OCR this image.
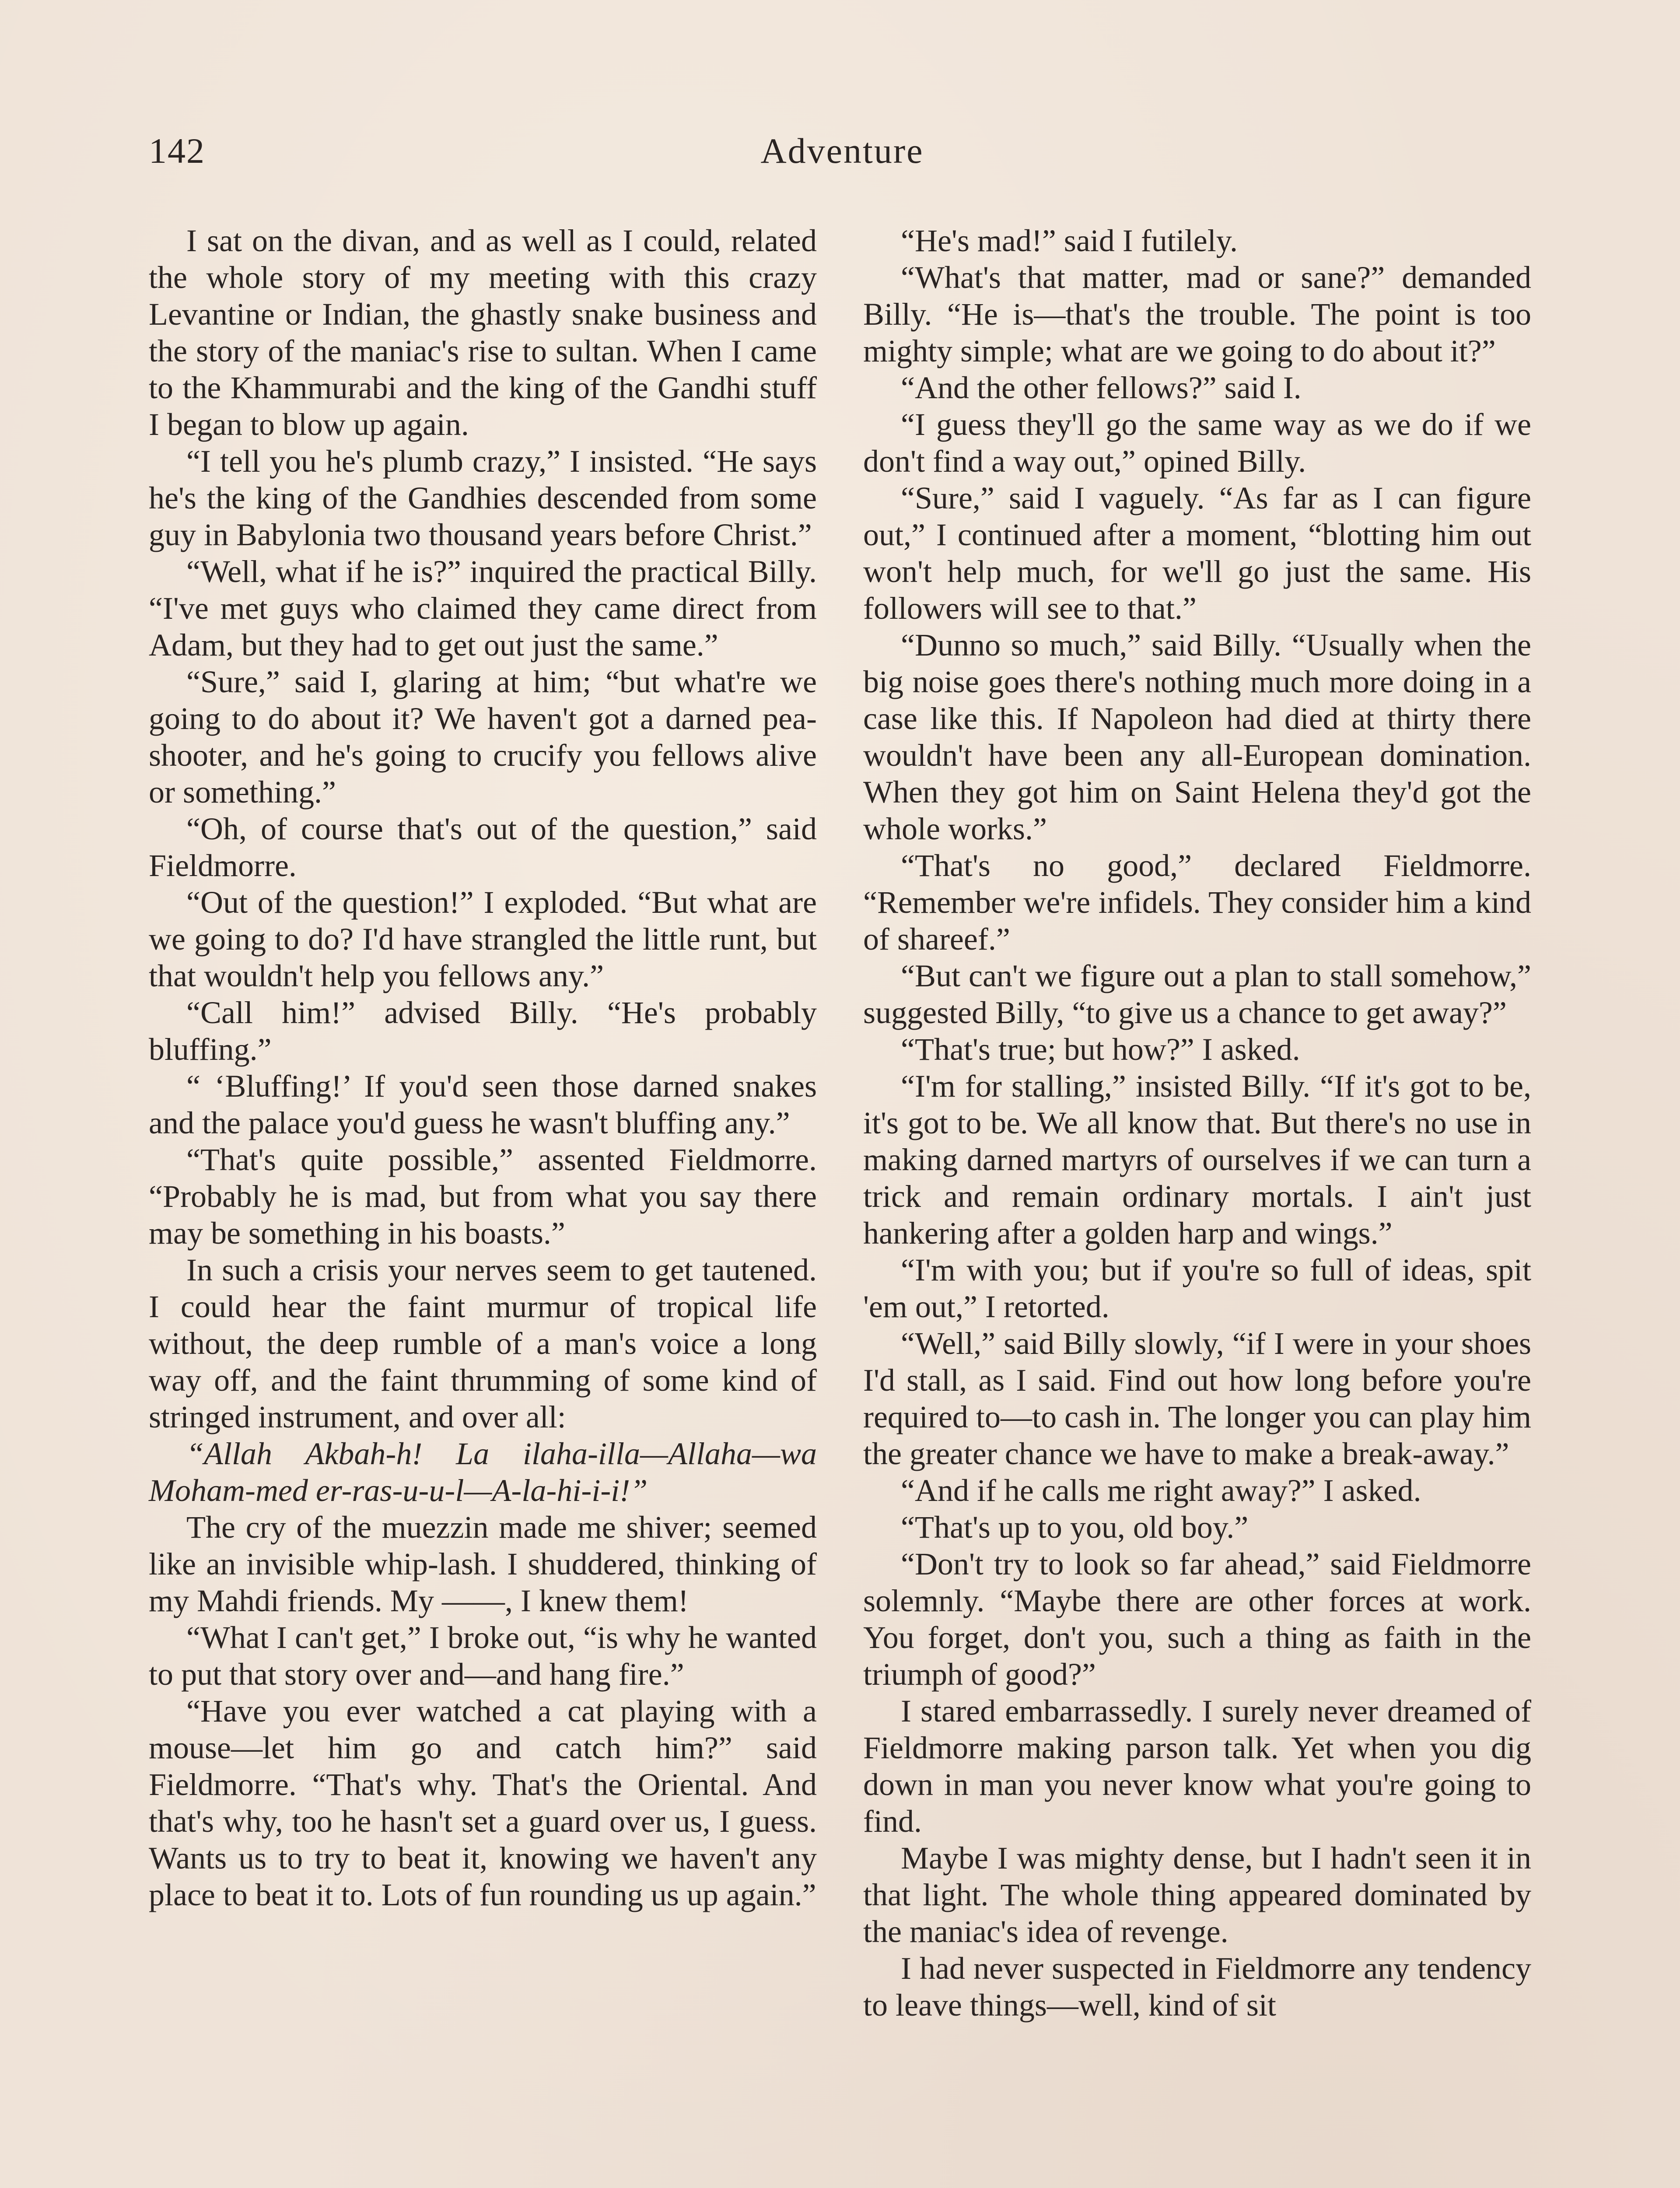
142	Adventure

I sat on the divan, and as well as I could, related the whole story of my meeting with this crazy Levantine or Indian, the ghastly snake business and the story of the maniac's rise to sultan. When I came to the Khammurabi and the king of the Gandhi stuff I began to blow up again.

“I tell you he's plumb crazy,” I insisted. “He says he's the king of the Gandhies descended from some guy in Babylonia two thousand years before Christ.”

“Well, what if he is?” inquired the practical Billy. “I've met guys who claimed they came direct from Adam, but they had to get out just the same.”

“Sure,” said I, glaring at him; “but what're we going to do about it? We haven't got a darned pea-shooter, and he's going to crucify you fellows alive or something.”

“Oh, of course that's out of the question,” said Fieldmorre.

“Out of the question!” I exploded. “But what are we going to do? I'd have strangled the little runt, but that wouldn't help you fellows any.”

“Call him!” advised Billy. “He's probably bluffing.”

“ ‘Bluffing!’ If you'd seen those darned snakes and the palace you'd guess he wasn't bluffing any.”

“That's quite possible,” assented Fieldmorre. “Probably he is mad, but from what you say there may be something in his boasts.”

In such a crisis your nerves seem to get tautened. I could hear the faint murmur of tropical life without, the deep rumble of a man's voice a long way off, and the faint thrumming of some kind of stringed instrument, and over all:

“Allah Akbah-h! La ilaha-illa—Allaha—wa Moham-med er-ras-u-u-l—A-la-hi-i-i!”

The cry of the muezzin made me shiver; seemed like an invisible whip-lash. I shuddered, thinking of my Mahdi friends. My ——, I knew them!

“What I can't get,” I broke out, “is why he wanted to put that story over and—and hang fire.”

“Have you ever watched a cat playing with a mouse—let him go and catch him?” said Fieldmorre. “That's why. That's the Oriental. And that's why, too he hasn't set a guard over us, I guess. Wants us to try to beat it, knowing we haven't any place to beat it to. Lots of fun rounding us up again.”

“He's mad!” said I futilely.

“What's that matter, mad or sane?” demanded Billy. “He is—that's the trouble. The point is too mighty simple; what are we going to do about it?”

“And the other fellows?” said I.

“I guess they'll go the same way as we do if we don't find a way out,” opined Billy.

“Sure,” said I vaguely. “As far as I can figure out,” I continued after a moment, “blotting him out won't help much, for we'll go just the same. His followers will see to that.”

“Dunno so much,” said Billy. “Usually when the big noise goes there's nothing much more doing in a case like this. If Napoleon had died at thirty there wouldn't have been any all-European domination. When they got him on Saint Helena they'd got the whole works.”

“That's no good,” declared Fieldmorre. “Remember we're infidels. They consider him a kind of shareef.”

“But can't we figure out a plan to stall somehow,” suggested Billy, “to give us a chance to get away?”

“That's true; but how?” I asked.

“I'm for stalling,” insisted Billy. “If it's got to be, it's got to be. We all know that. But there's no use in making darned martyrs of ourselves if we can turn a trick and remain ordinary mortals. I ain't just hankering after a golden harp and wings.”

“I'm with you; but if you're so full of ideas, spit 'em out,” I retorted.

“Well,” said Billy slowly, “if I were in your shoes I'd stall, as I said. Find out how long before you're required to—to cash in. The longer you can play him the greater chance we have to make a break-away.”

“And if he calls me right away?” I asked.

“That's up to you, old boy.”

“Don't try to look so far ahead,” said Fieldmorre solemnly. “Maybe there are other forces at work. You forget, don't you, such a thing as faith in the triumph of good?”

I stared embarrassedly. I surely never dreamed of Fieldmorre making parson talk. Yet when you dig down in man you never know what you're going to find.

Maybe I was mighty dense, but I hadn't seen it in that light. The whole thing appeared dominated by the maniac's idea of revenge.

I had never suspected in Fieldmorre any tendency to leave things—well, kind of sit
